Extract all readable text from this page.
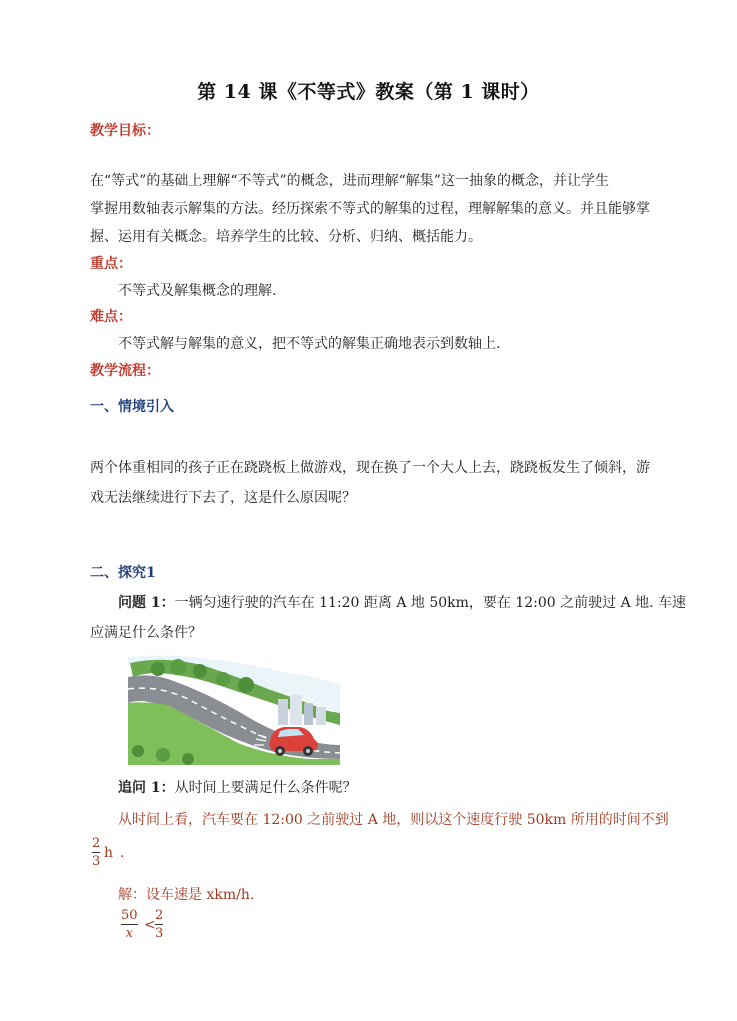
第 14 课《不等式》教案（第 1 课时）
教学目标：
在“等式”的基础上理解“不等式”的概念，进而理解“解集”这一抽象的概念，并让学生
掌握用数轴表示解集的方法。经历探索不等式的解集的过程，理解解集的意义。并且能够掌
握、运用有关概念。培养学生的比较、分析、归纳、概括能力。
重点：
不等式及解集概念的理解.
难点：
不等式解与解集的意义，把不等式的解集正确地表示到数轴上.
教学流程：
一、情境引入
两个体重相同的孩子正在跷跷板上做游戏，现在换了一个大人上去，跷跷板发生了倾斜，游
戏无法继续进行下去了，这是什么原因呢？
二、探究1
问题 1：一辆匀速行驶的汽车在 11:20 距离 A 地 50km，要在 12:00 之前驶过 A 地. 车速
应满足什么条件？
追问 1：从时间上要满足什么条件呢？
从时间上看，汽车要在 12:00 之前驶过 A 地，则以这个速度行驶 50km 所用的时间不到
2
3
h .
解：设车速是 xkm/h.
50
x
<
2
3
